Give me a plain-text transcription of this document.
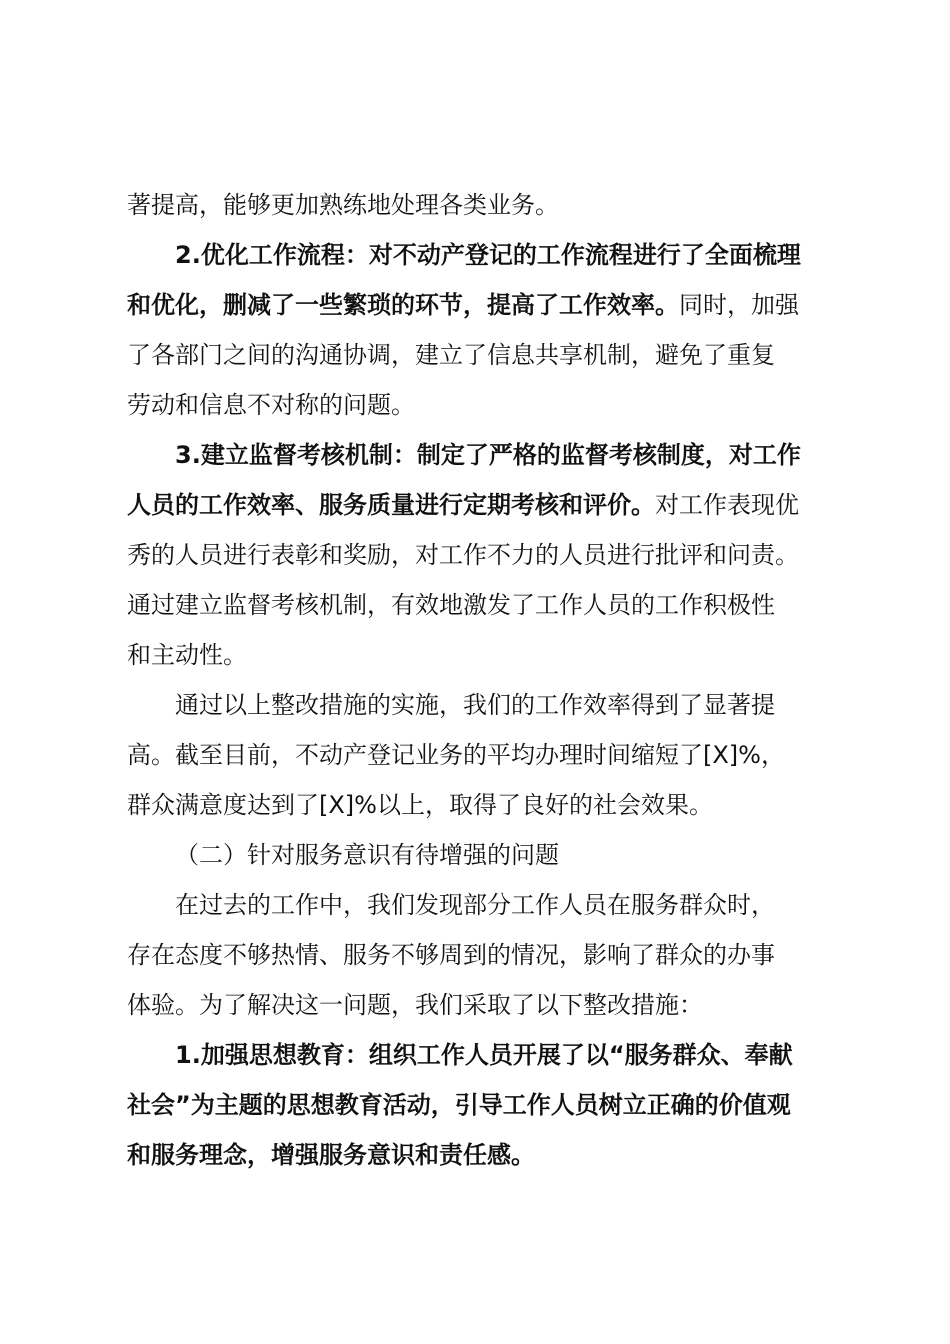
著提高，能够更加熟练地处理各类业务。
2.优化工作流程：对不动产登记的工作流程进行了全面梳理
和优化，删减了一些繁琐的环节，提高了工作效率。同时，加强
了各部门之间的沟通协调，建立了信息共享机制，避免了重复
劳动和信息不对称的问题。
3.建立监督考核机制：制定了严格的监督考核制度，对工作
人员的工作效率、服务质量进行定期考核和评价。对工作表现优
秀的人员进行表彰和奖励，对工作不力的人员进行批评和问责。
通过建立监督考核机制，有效地激发了工作人员的工作积极性
和主动性。
通过以上整改措施的实施，我们的工作效率得到了显著提
高。截至目前，不动产登记业务的平均办理时间缩短了[X]%，
群众满意度达到了[X]%以上，取得了良好的社会效果。
（二）针对服务意识有待增强的问题
在过去的工作中，我们发现部分工作人员在服务群众时，
存在态度不够热情、服务不够周到的情况，影响了群众的办事
体验。为了解决这一问题，我们采取了以下整改措施：
1.加强思想教育：组织工作人员开展了以“服务群众、奉献
社会”为主题的思想教育活动，引导工作人员树立正确的价值观
和服务理念，增强服务意识和责任感。
